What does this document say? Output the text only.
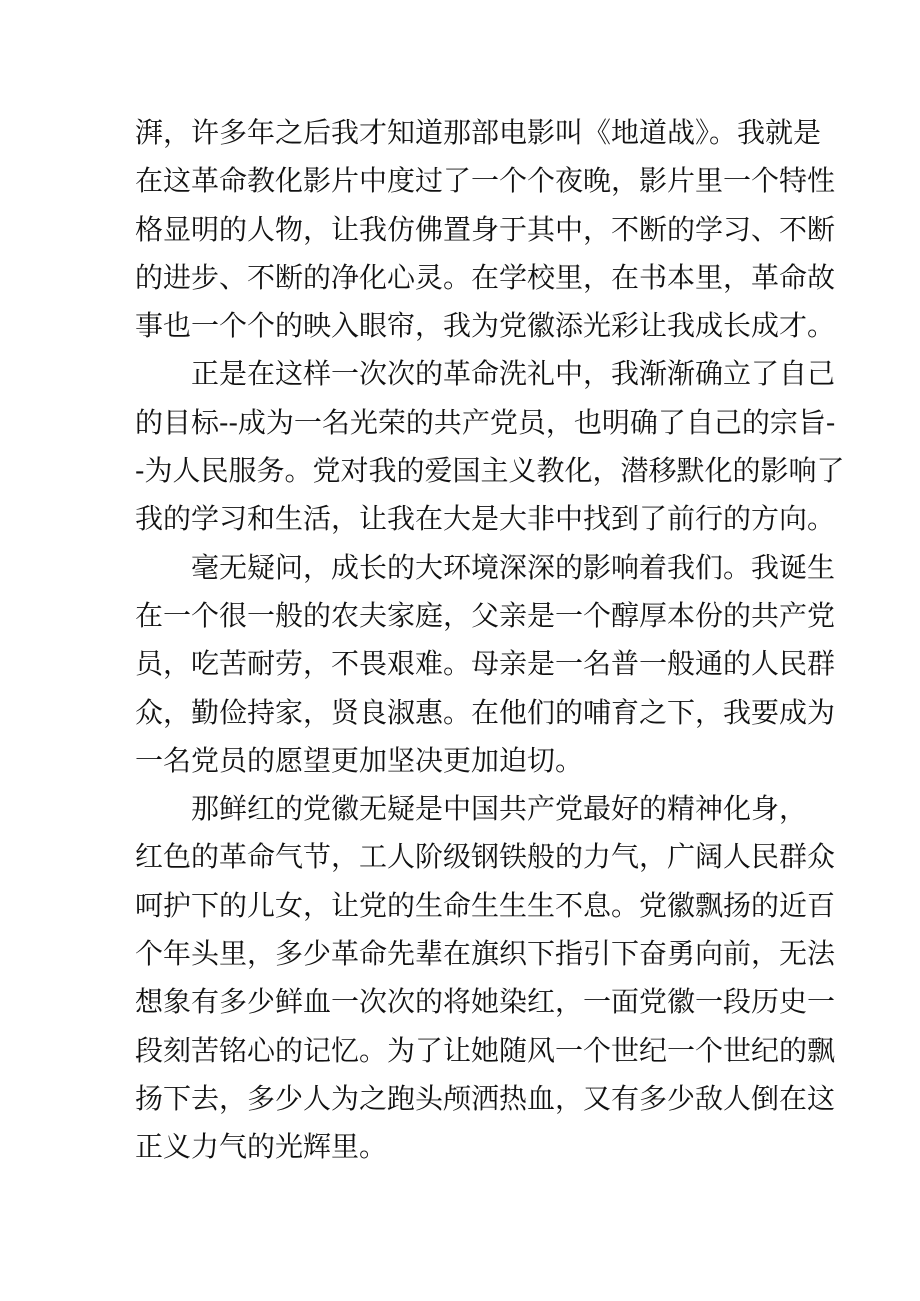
湃，许多年之后我才知道那部电影叫《地道战》。我就是
在这革命教化影片中度过了一个个夜晚，影片里一个特性
格显明的人物，让我仿佛置身于其中，不断的学习、不断
的进步、不断的净化心灵。在学校里，在书本里，革命故
事也一个个的映入眼帘，我为党徽添光彩让我成长成才。
正是在这样一次次的革命洗礼中，我渐渐确立了自己
的目标--成为一名光荣的共产党员，也明确了自己的宗旨-
-为人民服务。党对我的爱国主义教化，潜移默化的影响了
我的学习和生活，让我在大是大非中找到了前行的方向。
毫无疑问，成长的大环境深深的影响着我们。我诞生
在一个很一般的农夫家庭，父亲是一个醇厚本份的共产党
员，吃苦耐劳，不畏艰难。母亲是一名普一般通的人民群
众，勤俭持家，贤良淑惠。在他们的哺育之下，我要成为
一名党员的愿望更加坚决更加迫切。
那鲜红的党徽无疑是中国共产党最好的精神化身，
红色的革命气节，工人阶级钢铁般的力气，广阔人民群众
呵护下的儿女，让党的生命生生生不息。党徽飘扬的近百
个年头里，多少革命先辈在旗织下指引下奋勇向前，无法
想象有多少鲜血一次次的将她染红，一面党徽一段历史一
段刻苦铭心的记忆。为了让她随风一个世纪一个世纪的飘
扬下去，多少人为之跑头颅洒热血，又有多少敌人倒在这
正义力气的光辉里。
